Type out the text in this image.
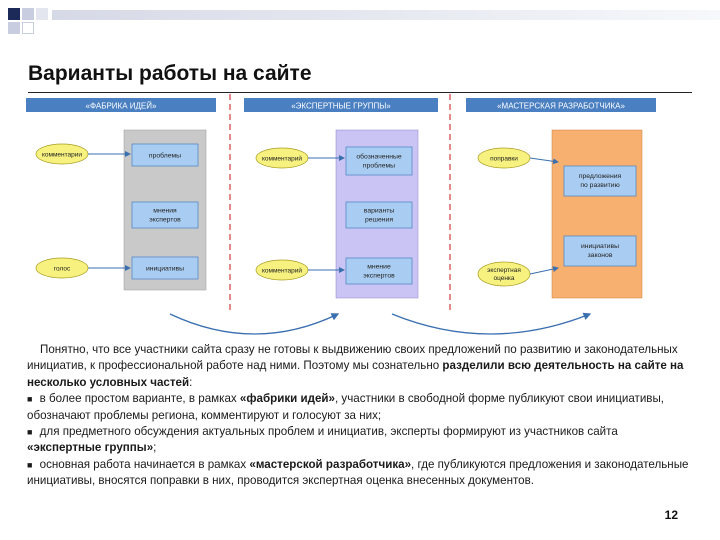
Варианты работы на сайте
«ФАБРИКА ИДЕЙ»
комментарии
голос
проблемы
мнения
экспертов
инициативы
«ЭКСПЕРТНЫЕ ГРУППЫ»
комментарий
комментарий
обозначенные
проблемы
варианты
решения
мнение
экспертов
«МАСТЕРСКАЯ РАЗРАБОТЧИКА»
поправки
экспертная
оценка
предложения
по развитию
инициативы
законов

Понятно, что все участники сайта сразу не готовы к выдвижению своих предложений по развитию и законодательных инициатив, к профессиональной работе над ними. Поэтому мы сознательно разделили всю деятельность на сайте на несколько условных частей:

■ в более простом варианте, в рамках «фабрики идей», участники в свободной форме публикуют свои инициативы, обозначают проблемы региона, комментируют и голосуют за них;

■ для предметного обсуждения актуальных проблем и инициатив, эксперты формируют из участников сайта «экспертные группы»;

■ основная работа начинается в рамках «мастерской разработчика», где публикуются предложения и законодательные инициативы, вносятся поправки в них, проводится экспертная оценка внесенных документов.

12
